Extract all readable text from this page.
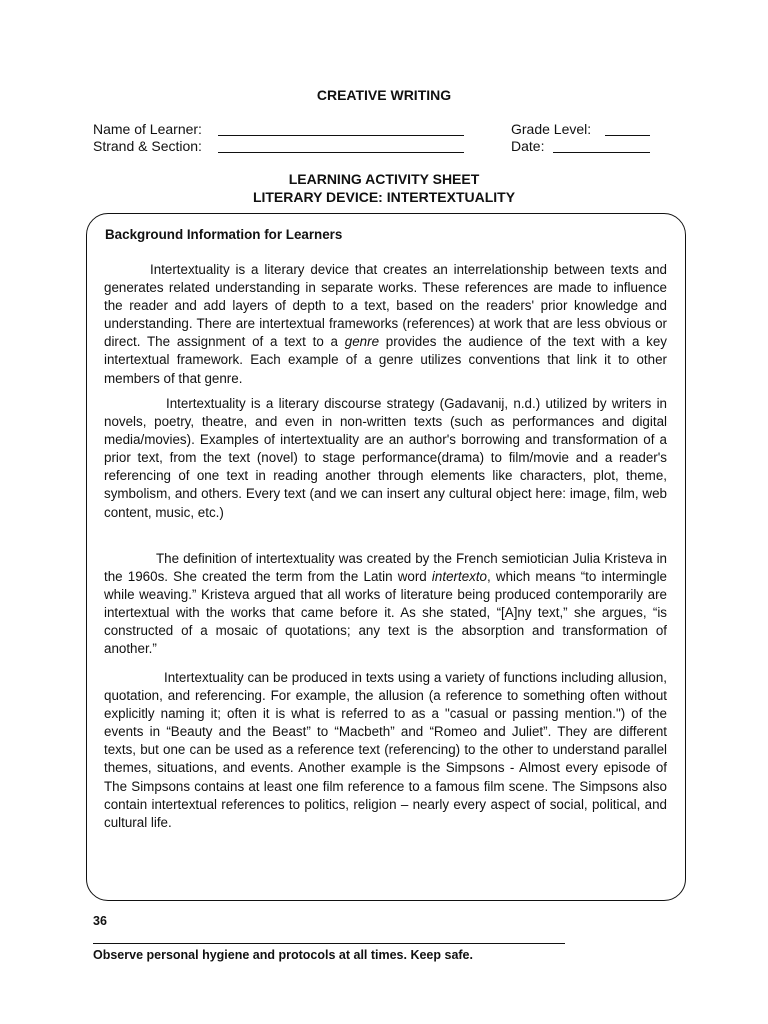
CREATIVE WRITING
Name of Learner:
Strand & Section:
Grade Level:
Date:
LEARNING ACTIVITY SHEET
LITERARY DEVICE: INTERTEXTUALITY
Background Information for Learners

Intertextuality is a literary device that creates an interrelationship between texts and generates related understanding in separate works. These references are made to influence the reader and add layers of depth to a text, based on the readers' prior knowledge and understanding. There are intertextual frameworks (references) at work that are less obvious or direct. The assignment of a text to a genre provides the audience of the text with a key intertextual framework. Each example of a genre utilizes conventions that link it to other members of that genre.

Intertextuality is a literary discourse strategy (Gadavanij, n.d.) utilized by writers in novels, poetry, theatre, and even in non-written texts (such as performances and digital media/movies). Examples of intertextuality are an author's borrowing and transformation of a prior text, from the text (novel) to stage performance(drama) to film/movie and a reader's referencing of one text in reading another through elements like characters, plot, theme, symbolism, and others. Every text (and we can insert any cultural object here: image, film, web content, music, etc.)

The definition of intertextuality was created by the French semiotician Julia Kristeva in the 1960s. She created the term from the Latin word intertexto, which means “to intermingle while weaving.” Kristeva argued that all works of literature being produced contemporarily are intertextual with the works that came before it. As she stated, “[A]ny text,” she argues, “is constructed of a mosaic of quotations; any text is the absorption and transformation of another.”

Intertextuality can be produced in texts using a variety of functions including allusion, quotation, and referencing. For example, the allusion (a reference to something often without explicitly naming it; often it is what is referred to as a "casual or passing mention.") of the events in “Beauty and the Beast” to “Macbeth” and “Romeo and Juliet”. They are different texts, but one can be used as a reference text (referencing) to the other to understand parallel themes, situations, and events. Another example is the Simpsons - Almost every episode of The Simpsons contains at least one film reference to a famous film scene. The Simpsons also contain intertextual references to politics, religion – nearly every aspect of social, political, and cultural life.

36
Observe personal hygiene and protocols at all times. Keep safe.
